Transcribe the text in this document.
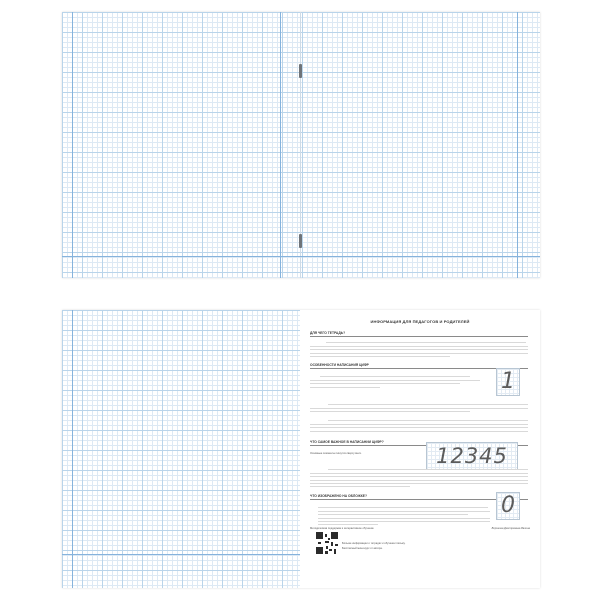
ИНФОРМАЦИЯ ДЛЯ ПЕДАГОГОВ И РОДИТЕЛЕЙ
ДЛЯ ЧЕГО ТЕТРАДЬ?
ОСОБЕННОСТИ НАПИСАНИЯ ЦИФР
1
ЧТО САМОЕ ВАЖНОЕ В НАПИСАНИИ ЦИФР?
12345
Основные элементы пишутся сверху вниз.
ЧТО ИЗОБРАЖЕНО НА ОБЛОЖКЕ?	0
Методическая поддержка и интерактивное обучение	Воронина Дмитриевна Малина
Больше информации о тетрадях и обучении письму.
Бесплатный мини-курс от автора.
